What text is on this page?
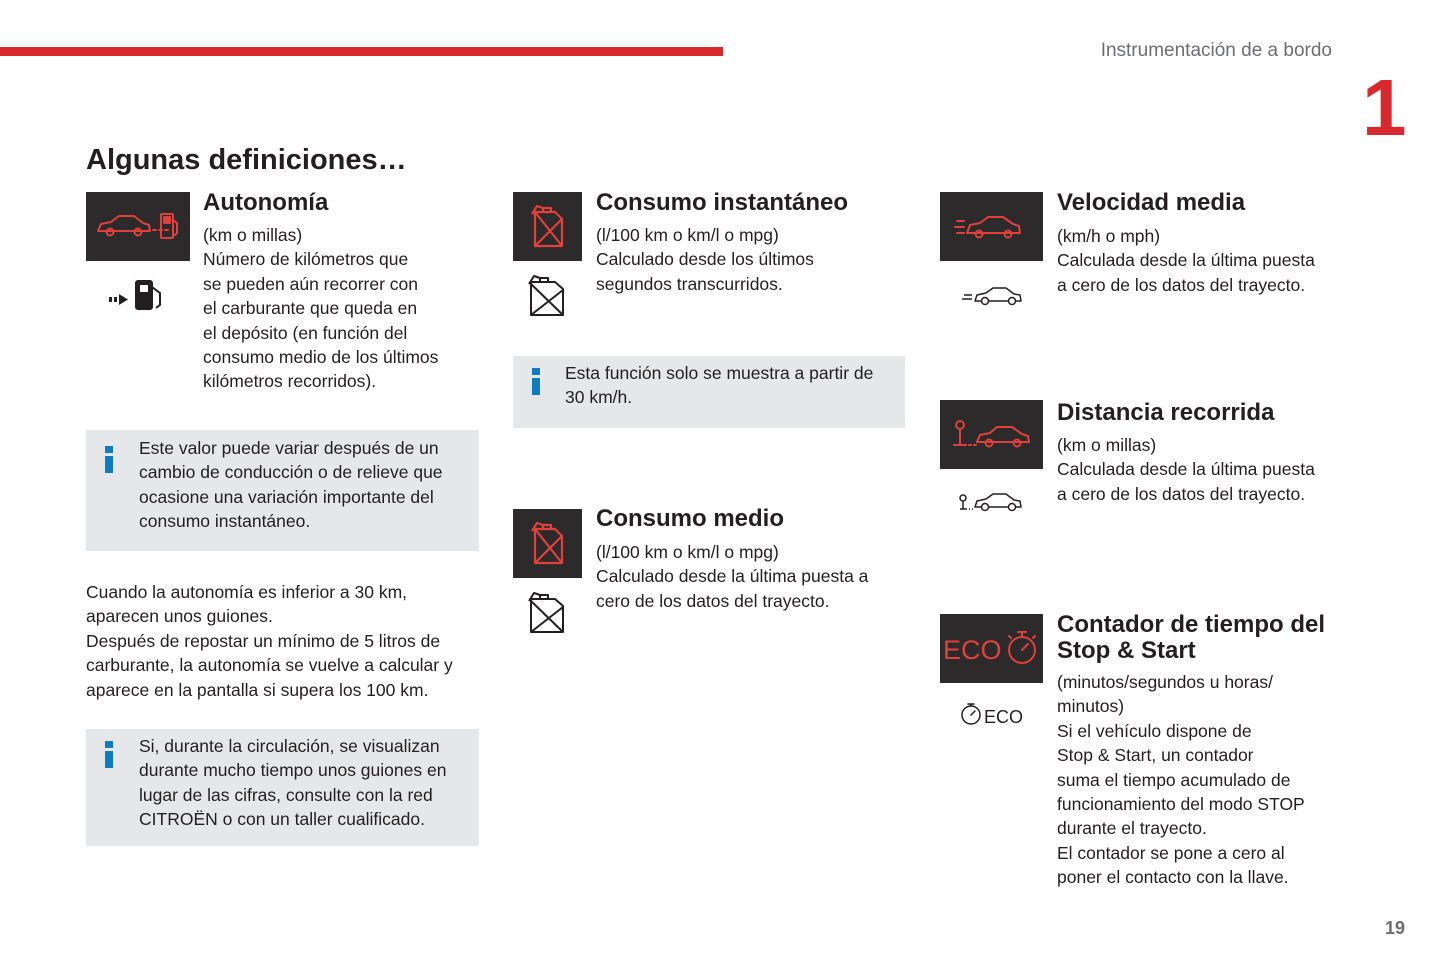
Instrumentación de a bordo
1
19
Algunas definiciones…
Autonomía

(km o millas)
Número de kilómetros que
se pueden aún recorrer con
el carburante que queda en
el depósito (en función del
consumo medio de los últimos
kilómetros recorridos).

Este valor puede variar después de un
cambio de conducción o de relieve que
ocasione una variación importante del
consumo instantáneo.

Cuando la autonomía es inferior a 30 km,
aparecen unos guiones.
Después de repostar un mínimo de 5 litros de
carburante, la autonomía se vuelve a calcular y
aparece en la pantalla si supera los 100 km.

Si, durante la circulación, se visualizan
durante mucho tiempo unos guiones en
lugar de las cifras, consulte con la red
CITROËN o con un taller cualificado.

Consumo instantáneo

(l/100 km o km/l o mpg)
Calculado desde los últimos
segundos transcurridos.

Esta función solo se muestra a partir de
30 km/h.

Consumo medio

(l/100 km o km/l o mpg)
Calculado desde la última puesta a
cero de los datos del trayecto.

Velocidad media

(km/h o mph)
Calculada desde la última puesta
a cero de los datos del trayecto.

Distancia recorrida

(km o millas)
Calculada desde la última puesta
a cero de los datos del trayecto.

ECO
ECO
Contador de tiempo del
Stop & Start

(minutos/segundos u horas/
minutos)
Si el vehículo dispone de
Stop & Start, un contador
suma el tiempo acumulado de
funcionamiento del modo STOP
durante el trayecto.
El contador se pone a cero al
poner el contacto con la llave.
